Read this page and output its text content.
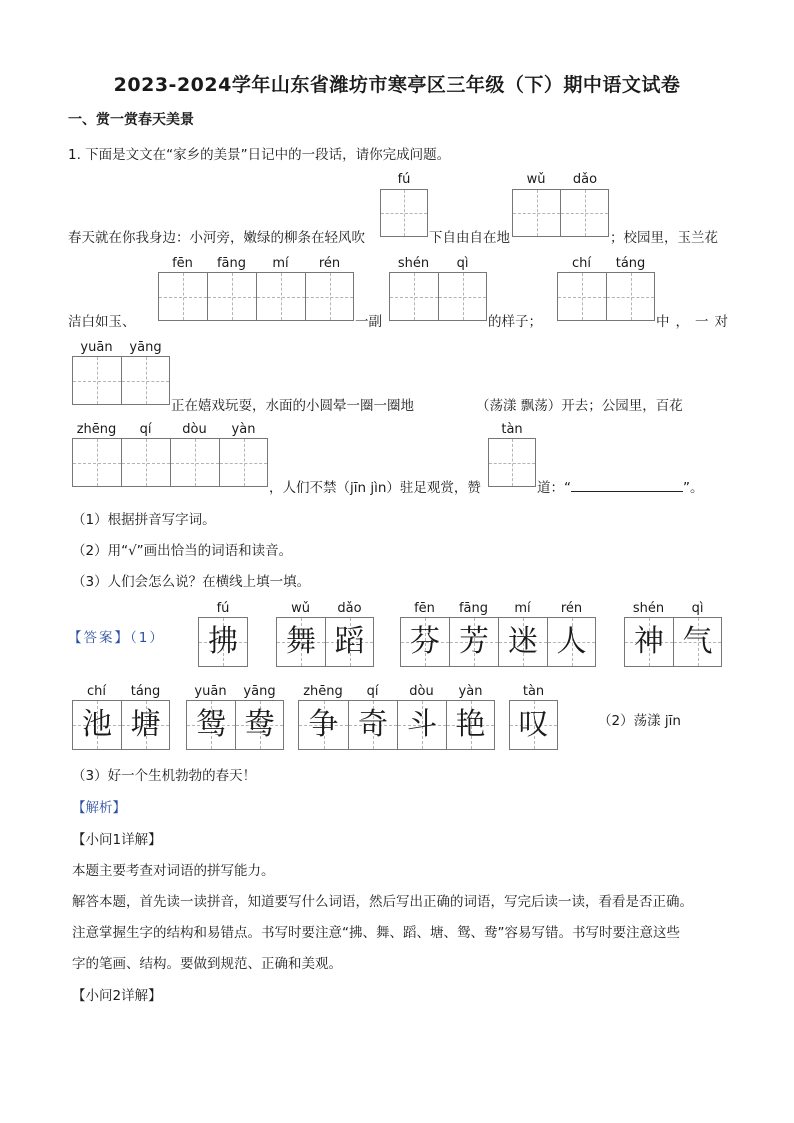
2023-2024学年山东省潍坊市寒亭区三年级（下）期中语文试卷
一、赏一赏春天美景
1. 下面是文文在“家乡的美景”日记中的一段话，请你完成问题。
fú	wǔ	dǎo
春天就在你我身边：小河旁，嫩绿的柳条在轻风吹	下自由自在地	；校园里，玉兰花
fēn	fāng	mí	rén	shén	qì	chí	táng
洁白如玉、	一副	的样子；	中，一对
yuān	yāng
正在嬉戏玩耍，水面的小圆晕一圈一圈地	（荡漾 飘荡）开去；公园里，百花
zhēng	qí	dòu	yàn	tàn
，人们不禁（jīn jìn）驻足观赏，赞	道：“	”。
（1）根据拼音写字词。
（2）用“√”画出恰当的词语和读音。
（3）人们会怎么说？在横线上填一填。
【答案】（1）
fú
拂
wǔ	dǎo
舞 蹈
fēn	fāng	mí	rén
芬 芳 迷 人
shén	qì
神 气
chí	táng
池 塘
yuān	yāng
鸳 鸯
zhēng	qí	dòu	yàn
争 奇 斗 艳
tàn
叹	（2）荡漾 jīn
（3）好一个生机勃勃的春天！
【解析】
【小问1详解】
本题主要考查对词语的拼写能力。
解答本题，首先读一读拼音，知道要写什么词语，然后写出正确的词语，写完后读一读，看看是否正确。
注意掌握生字的结构和易错点。书写时要注意“拂、舞、蹈、塘、鸳、鸯”容易写错。书写时要注意这些
字的笔画、结构。要做到规范、正确和美观。
【小问2详解】
